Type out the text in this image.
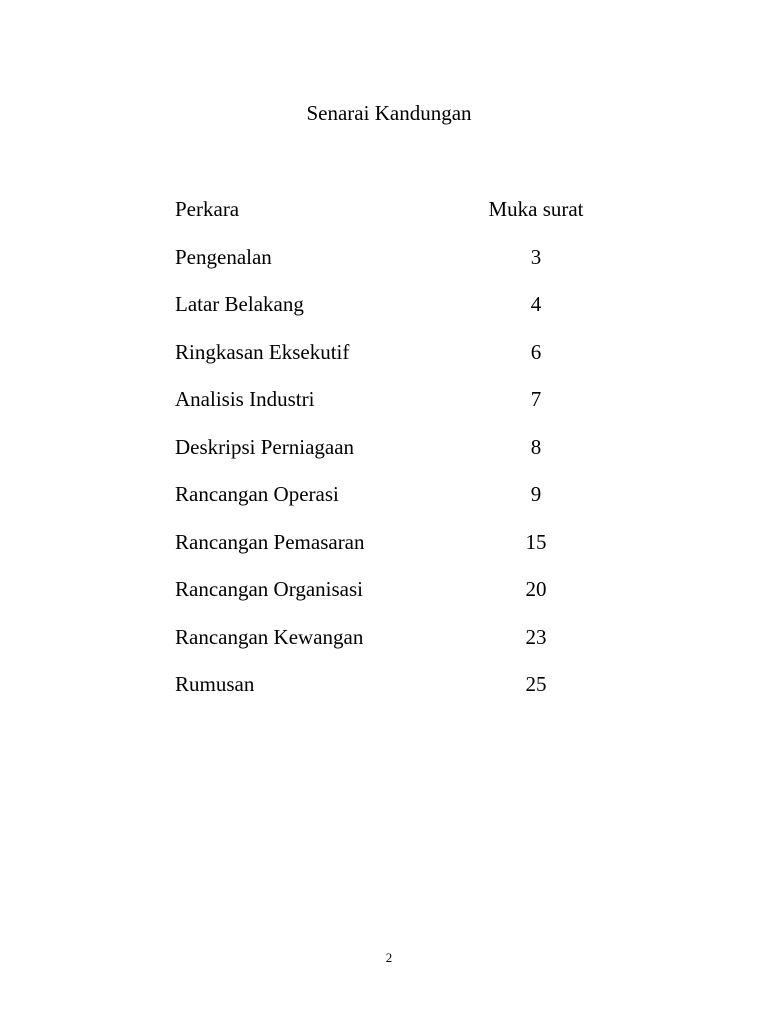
Senarai Kandungan
Perkara	Muka surat
Pengenalan	3
Latar Belakang	4
Ringkasan Eksekutif	6
Analisis Industri	7
Deskripsi Perniagaan	8
Rancangan Operasi	9
Rancangan Pemasaran	15
Rancangan Organisasi	20
Rancangan Kewangan	23
Rumusan	25
2
